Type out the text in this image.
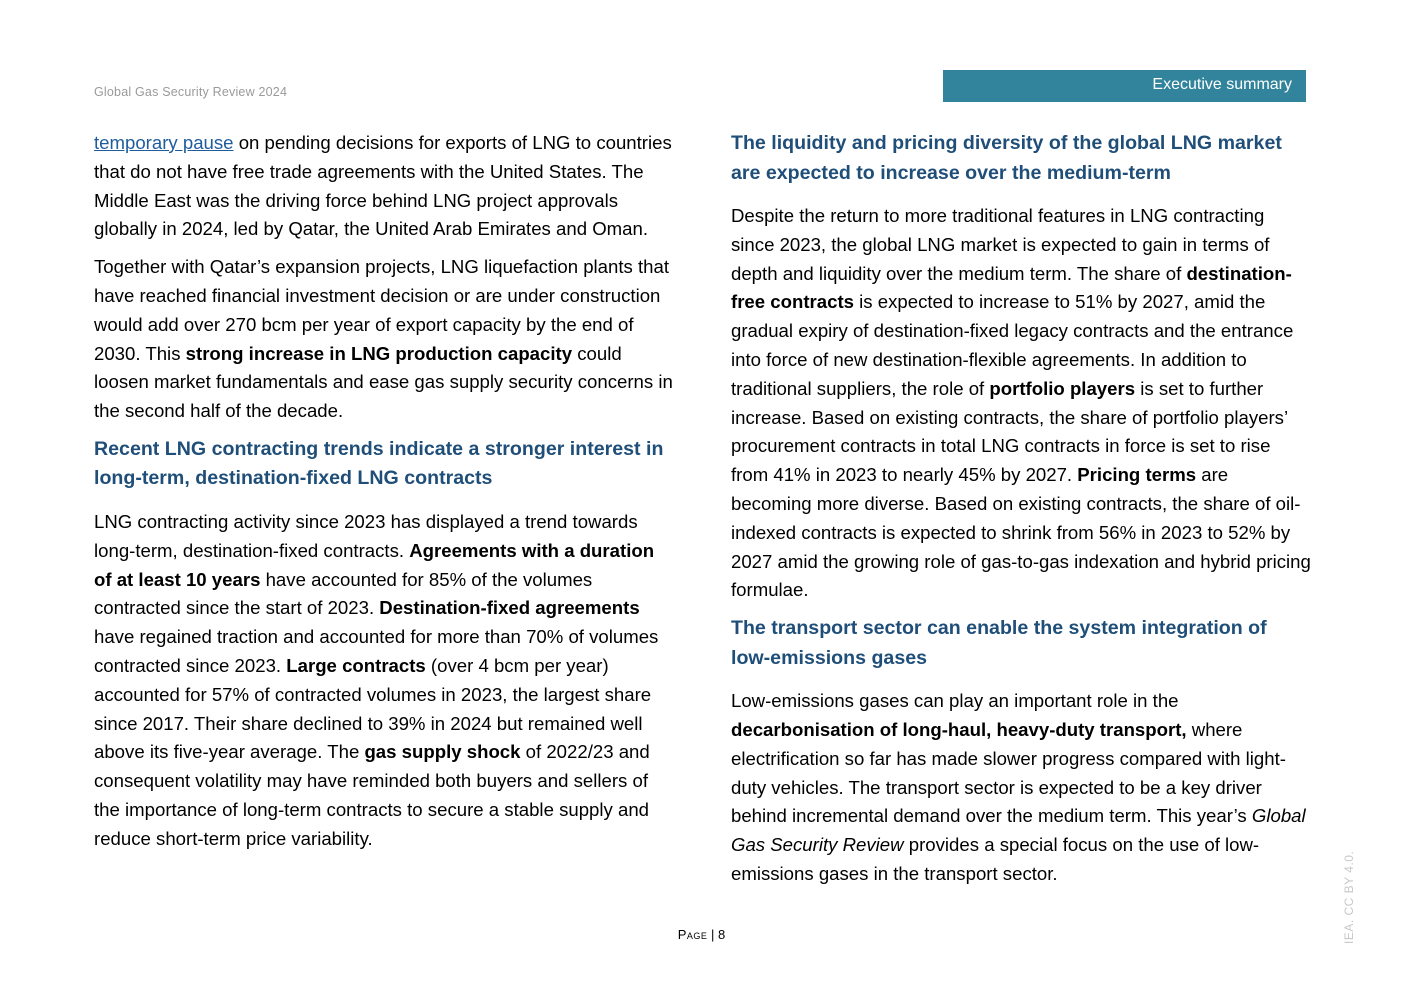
Global Gas Security Review 2024	Executive summary

temporary pause on pending decisions for exports of LNG to countries that do not have free trade agreements with the United States. The Middle East was the driving force behind LNG project approvals globally in 2024, led by Qatar, the United Arab Emirates and Oman.

Together with Qatar’s expansion projects, LNG liquefaction plants that have reached financial investment decision or are under construction would add over 270 bcm per year of export capacity by the end of 2030. This strong increase in LNG production capacity could loosen market fundamentals and ease gas supply security concerns in the second half of the decade.

Recent LNG contracting trends indicate a stronger interest in long-term, destination-fixed LNG contracts

LNG contracting activity since 2023 has displayed a trend towards long-term, destination-fixed contracts. Agreements with a duration of at least 10 years have accounted for 85% of the volumes contracted since the start of 2023. Destination-fixed agreements have regained traction and accounted for more than 70% of volumes contracted since 2023. Large contracts (over 4 bcm per year) accounted for 57% of contracted volumes in 2023, the largest share since 2017. Their share declined to 39% in 2024 but remained well above its five-year average. The gas supply shock of 2022/23 and consequent volatility may have reminded both buyers and sellers of the importance of long-term contracts to secure a stable supply and reduce short-term price variability.

The liquidity and pricing diversity of the global LNG market are expected to increase over the medium-term

Despite the return to more traditional features in LNG contracting since 2023, the global LNG market is expected to gain in terms of depth and liquidity over the medium term. The share of destination-free contracts is expected to increase to 51% by 2027, amid the gradual expiry of destination-fixed legacy contracts and the entrance into force of new destination-flexible agreements. In addition to traditional suppliers, the role of portfolio players is set to further increase. Based on existing contracts, the share of portfolio players’ procurement contracts in total LNG contracts in force is set to rise from 41% in 2023 to nearly 45% by 2027. Pricing terms are becoming more diverse. Based on existing contracts, the share of oil-indexed contracts is expected to shrink from 56% in 2023 to 52% by 2027 amid the growing role of gas-to-gas indexation and hybrid pricing formulae.

The transport sector can enable the system integration of low-emissions gases

Low-emissions gases can play an important role in the decarbonisation of long-haul, heavy-duty transport, where electrification so far has made slower progress compared with light-duty vehicles. The transport sector is expected to be a key driver behind incremental demand over the medium term. This year’s Global Gas Security Review provides a special focus on the use of low-emissions gases in the transport sector.

Page | 8	IEA. CC BY 4.0.
